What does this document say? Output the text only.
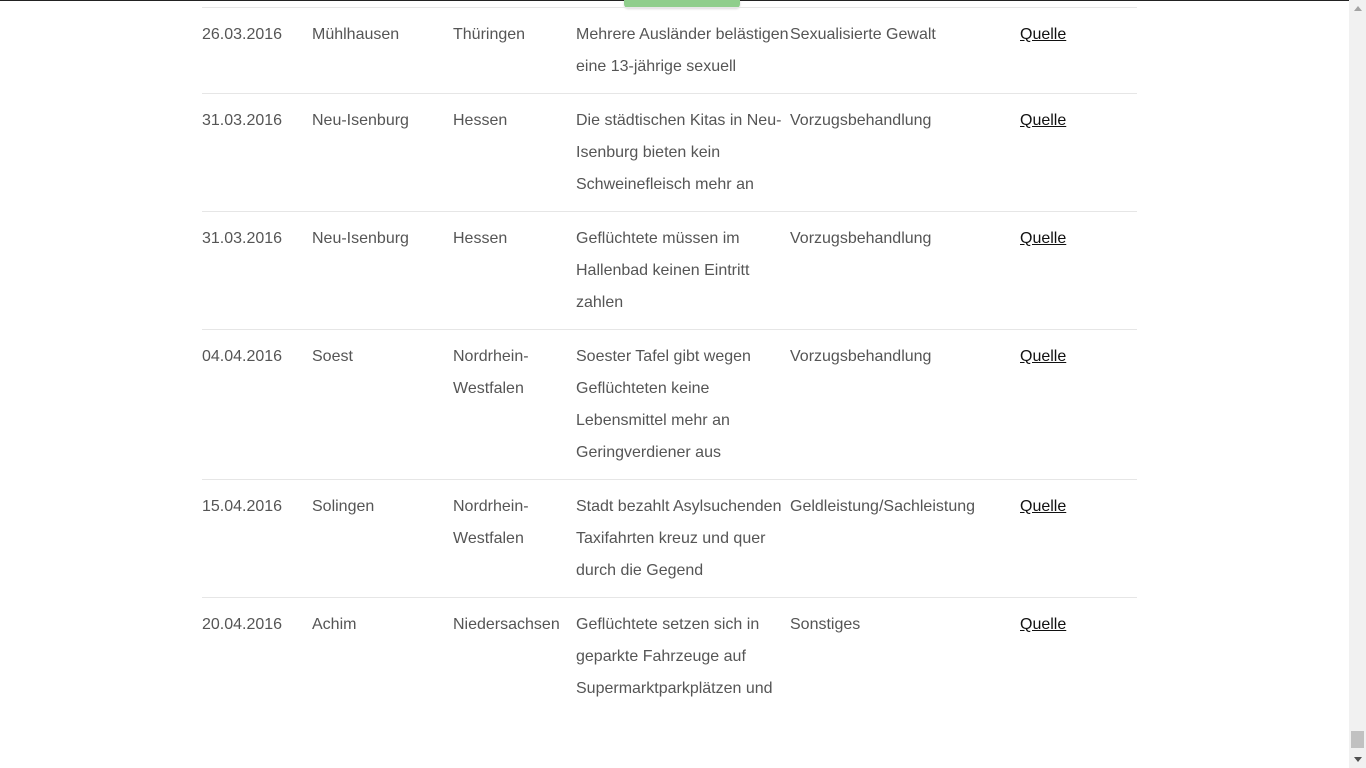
26.03.2016	Mühlhausen	Thüringen	Mehrere Ausländer belästigen eine 13-jährige sexuell	Sexualisierte Gewalt	Quelle
31.03.2016	Neu-Isenburg	Hessen	Die städtischen Kitas in Neu-Isenburg bieten kein Schweinefleisch mehr an	Vorzugsbehandlung	Quelle
31.03.2016	Neu-Isenburg	Hessen	Geflüchtete müssen im Hallenbad keinen Eintritt zahlen	Vorzugsbehandlung	Quelle
04.04.2016	Soest	Nordrhein-Westfalen	Soester Tafel gibt wegen Geflüchteten keine Lebensmittel mehr an Geringverdiener aus	Vorzugsbehandlung	Quelle
15.04.2016	Solingen	Nordrhein-Westfalen	Stadt bezahlt Asylsuchenden Taxifahrten kreuz und quer durch die Gegend	Geldleistung/Sachleistung	Quelle
20.04.2016	Achim	Niedersachsen	Geflüchtete setzen sich in geparkte Fahrzeuge auf Supermarktparkplätzen und	Sonstiges	Quelle
